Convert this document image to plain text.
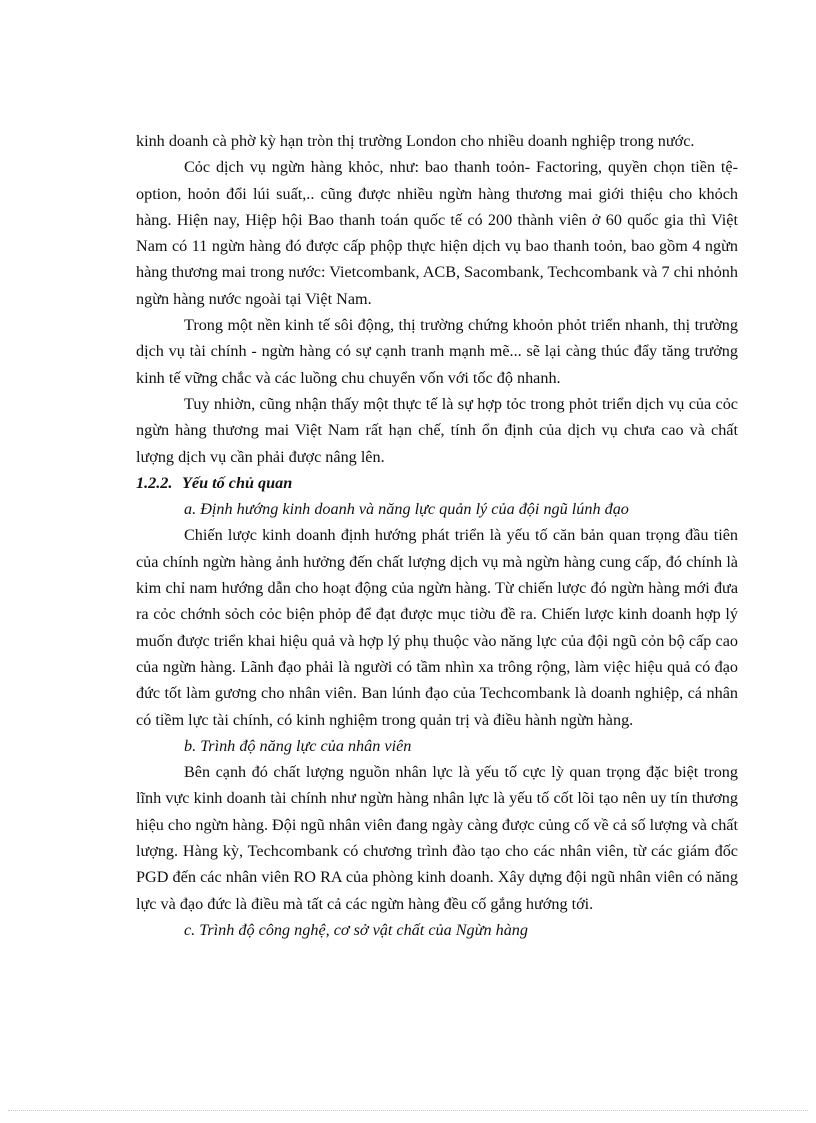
kinh doanh cà phờ kỳ hạn tròn thị trường London cho nhiều doanh nghiệp trong nước.

Cỏc dịch vụ ngừn hàng khỏc, như: bao thanh toỏn- Factoring, quyền chọn tiền tệ- option, hoỏn đổi lúi suất,.. cũng được nhiều ngừn hàng thương mai giới thiệu cho khỏch hàng. Hiện nay, Hiệp hội Bao thanh toán quốc tế có 200 thành viên ở 60 quốc gia thì Việt Nam có 11 ngừn hàng đó được cấp phộp thực hiện dịch vụ bao thanh toỏn, bao gồm 4 ngừn hàng thương mai trong nước: Vietcombank, ACB, Sacombank, Techcombank và 7 chi nhỏnh ngừn hàng nước ngoài tại Việt Nam.

Trong một nền kinh tế sôi động, thị trường chứng khoỏn phỏt triển nhanh, thị trường dịch vụ tài chính - ngừn hàng có sự cạnh tranh mạnh mẽ... sẽ lại càng thúc đẩy tăng trưởng kinh tế vững chắc và các luồng chu chuyển vốn với tốc độ nhanh.

Tuy nhiờn, cũng nhận thấy một thực tế là sự hợp tỏc trong phỏt triển dịch vụ của cỏc ngừn hàng thương mai Việt Nam rất hạn chế, tính ổn định của dịch vụ chưa cao và chất lượng dịch vụ cần phải được nâng lên.

1.2.2. Yếu tố chủ quan

a. Định hướng kinh doanh và năng lực quản lý của đội ngũ lúnh đạo

Chiến lược kinh doanh định hướng phát triển là yếu tố căn bản quan trọng đầu tiên của chính ngừn hàng ảnh hưởng đến chất lượng dịch vụ mà ngừn hàng cung cấp, đó chính là kim chỉ nam hướng dẫn cho hoạt động của ngừn hàng. Từ chiến lược đó ngừn hàng mới đưa ra cỏc chớnh sỏch cỏc biện phỏp để đạt được mục tiờu đề ra. Chiến lược kinh doanh hợp lý muốn được triển khai hiệu quả và hợp lý phụ thuộc vào năng lực của đội ngũ cỏn bộ cấp cao của ngừn hàng. Lãnh đạo phải là người có tầm nhìn xa trông rộng, làm việc hiệu quả có đạo đức tốt làm gương cho nhân viên. Ban lúnh đạo của Techcombank là doanh nghiệp, cá nhân có tiềm lực tài chính, có kinh nghiệm trong quản trị và điều hành ngừn hàng.

b. Trình độ năng lực của nhân viên

Bên cạnh đó chất lượng nguồn nhân lực là yếu tố cực lỳ quan trọng đặc biệt trong lĩnh vực kinh doanh tài chính như ngừn hàng nhân lực là yếu tố cốt lõi tạo nên uy tín thương hiệu cho ngừn hàng. Đội ngũ nhân viên đang ngày càng được củng cố về cả số lượng và chất lượng. Hàng kỳ, Techcombank có chương trình đào tạo cho các nhân viên, từ các giám đốc PGD đến các nhân viên RO RA của phòng kinh doanh. Xây dựng đội ngũ nhân viên có năng lực và đạo đức là điều mà tất cả các ngừn hàng đều cố gắng hướng tới.

c. Trình độ công nghệ, cơ sở vật chất của Ngừn hàng
